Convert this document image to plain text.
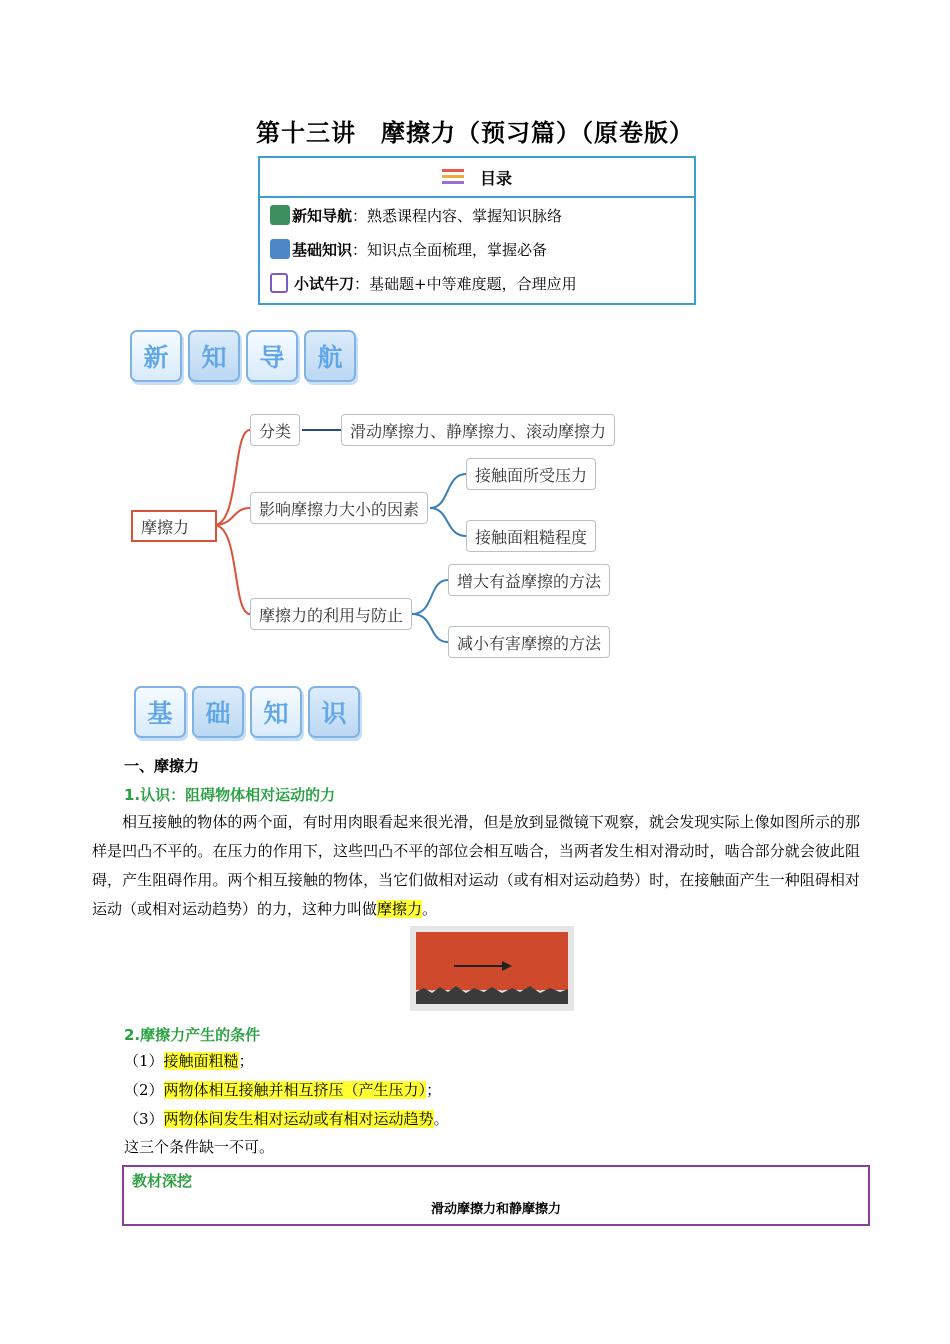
第十三讲　摩擦力（预习篇）（原卷版）
目录
新知导航 ：熟悉课程内容、掌握知识脉络
基础知识 ：知识点全面梳理，掌握必备
小试牛刀 ：基础题+中等难度题，合理应用
新	知	导	航
摩擦力
分类	滑动摩擦力、静摩擦力、滚动摩擦力
影响摩擦力大小的因素
接触面所受压力
接触面粗糙程度
摩擦力的利用与防止
增大有益摩擦的方法
减小有害摩擦的方法
基	础	知	识
一、摩擦力
1.认识：阻碍物体相对运动的力
相互接触的物体的两个面，有时用肉眼看起来很光滑，但是放到显微镜下观察，就会发现实际上像如图所示的那样是凹凸不平的。在压力的作用下，这些凹凸不平的部位会相互啮合，当两者发生相对滑动时，啮合部分就会彼此阻碍，产生阻碍作用。两个相互接触的物体，当它们做相对运动（或有相对运动趋势）时，在接触面产生一种阻碍相对运动（或相对运动趋势）的力，这种力叫做摩擦力。
2.摩擦力产生的条件
（1）接触面粗糙；
（2）两物体相互接触并相互挤压（产生压力）；
（3）两物体间发生相对运动或有相对运动趋势。
这三个条件缺一不可。
教材深挖
滑动摩擦力和静摩擦力
